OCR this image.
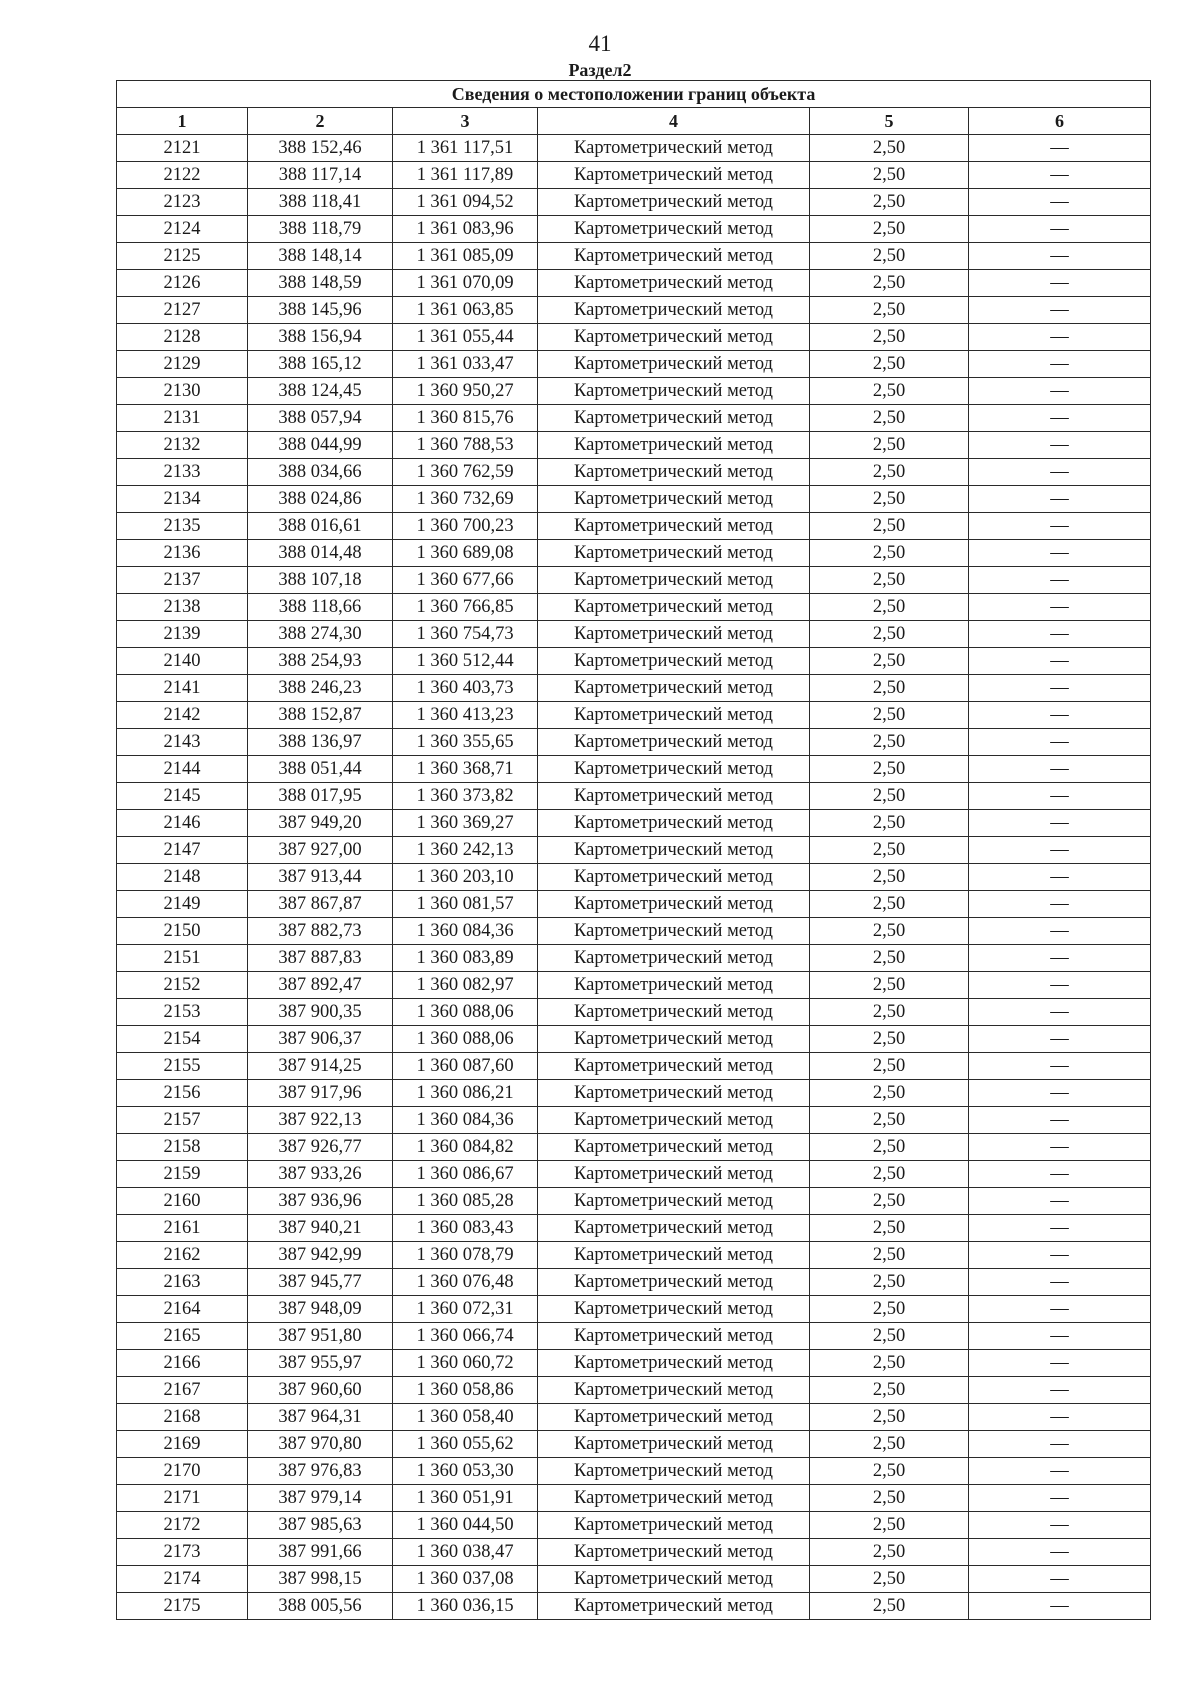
41
Раздел2
Сведения о местоположении границ объекта					
1	2	3	4	5	6
2121	388 152,46	1 361 117,51	Картометрический метод	2,50	—
2122	388 117,14	1 361 117,89	Картометрический метод	2,50	—
2123	388 118,41	1 361 094,52	Картометрический метод	2,50	—
2124	388 118,79	1 361 083,96	Картометрический метод	2,50	—
2125	388 148,14	1 361 085,09	Картометрический метод	2,50	—
2126	388 148,59	1 361 070,09	Картометрический метод	2,50	—
2127	388 145,96	1 361 063,85	Картометрический метод	2,50	—
2128	388 156,94	1 361 055,44	Картометрический метод	2,50	—
2129	388 165,12	1 361 033,47	Картометрический метод	2,50	—
2130	388 124,45	1 360 950,27	Картометрический метод	2,50	—
2131	388 057,94	1 360 815,76	Картометрический метод	2,50	—
2132	388 044,99	1 360 788,53	Картометрический метод	2,50	—
2133	388 034,66	1 360 762,59	Картометрический метод	2,50	—
2134	388 024,86	1 360 732,69	Картометрический метод	2,50	—
2135	388 016,61	1 360 700,23	Картометрический метод	2,50	—
2136	388 014,48	1 360 689,08	Картометрический метод	2,50	—
2137	388 107,18	1 360 677,66	Картометрический метод	2,50	—
2138	388 118,66	1 360 766,85	Картометрический метод	2,50	—
2139	388 274,30	1 360 754,73	Картометрический метод	2,50	—
2140	388 254,93	1 360 512,44	Картометрический метод	2,50	—
2141	388 246,23	1 360 403,73	Картометрический метод	2,50	—
2142	388 152,87	1 360 413,23	Картометрический метод	2,50	—
2143	388 136,97	1 360 355,65	Картометрический метод	2,50	—
2144	388 051,44	1 360 368,71	Картометрический метод	2,50	—
2145	388 017,95	1 360 373,82	Картометрический метод	2,50	—
2146	387 949,20	1 360 369,27	Картометрический метод	2,50	—
2147	387 927,00	1 360 242,13	Картометрический метод	2,50	—
2148	387 913,44	1 360 203,10	Картометрический метод	2,50	—
2149	387 867,87	1 360 081,57	Картометрический метод	2,50	—
2150	387 882,73	1 360 084,36	Картометрический метод	2,50	—
2151	387 887,83	1 360 083,89	Картометрический метод	2,50	—
2152	387 892,47	1 360 082,97	Картометрический метод	2,50	—
2153	387 900,35	1 360 088,06	Картометрический метод	2,50	—
2154	387 906,37	1 360 088,06	Картометрический метод	2,50	—
2155	387 914,25	1 360 087,60	Картометрический метод	2,50	—
2156	387 917,96	1 360 086,21	Картометрический метод	2,50	—
2157	387 922,13	1 360 084,36	Картометрический метод	2,50	—
2158	387 926,77	1 360 084,82	Картометрический метод	2,50	—
2159	387 933,26	1 360 086,67	Картометрический метод	2,50	—
2160	387 936,96	1 360 085,28	Картометрический метод	2,50	—
2161	387 940,21	1 360 083,43	Картометрический метод	2,50	—
2162	387 942,99	1 360 078,79	Картометрический метод	2,50	—
2163	387 945,77	1 360 076,48	Картометрический метод	2,50	—
2164	387 948,09	1 360 072,31	Картометрический метод	2,50	—
2165	387 951,80	1 360 066,74	Картометрический метод	2,50	—
2166	387 955,97	1 360 060,72	Картометрический метод	2,50	—
2167	387 960,60	1 360 058,86	Картометрический метод	2,50	—
2168	387 964,31	1 360 058,40	Картометрический метод	2,50	—
2169	387 970,80	1 360 055,62	Картометрический метод	2,50	—
2170	387 976,83	1 360 053,30	Картометрический метод	2,50	—
2171	387 979,14	1 360 051,91	Картометрический метод	2,50	—
2172	387 985,63	1 360 044,50	Картометрический метод	2,50	—
2173	387 991,66	1 360 038,47	Картометрический метод	2,50	—
2174	387 998,15	1 360 037,08	Картометрический метод	2,50	—
2175	388 005,56	1 360 036,15	Картометрический метод	2,50	—
